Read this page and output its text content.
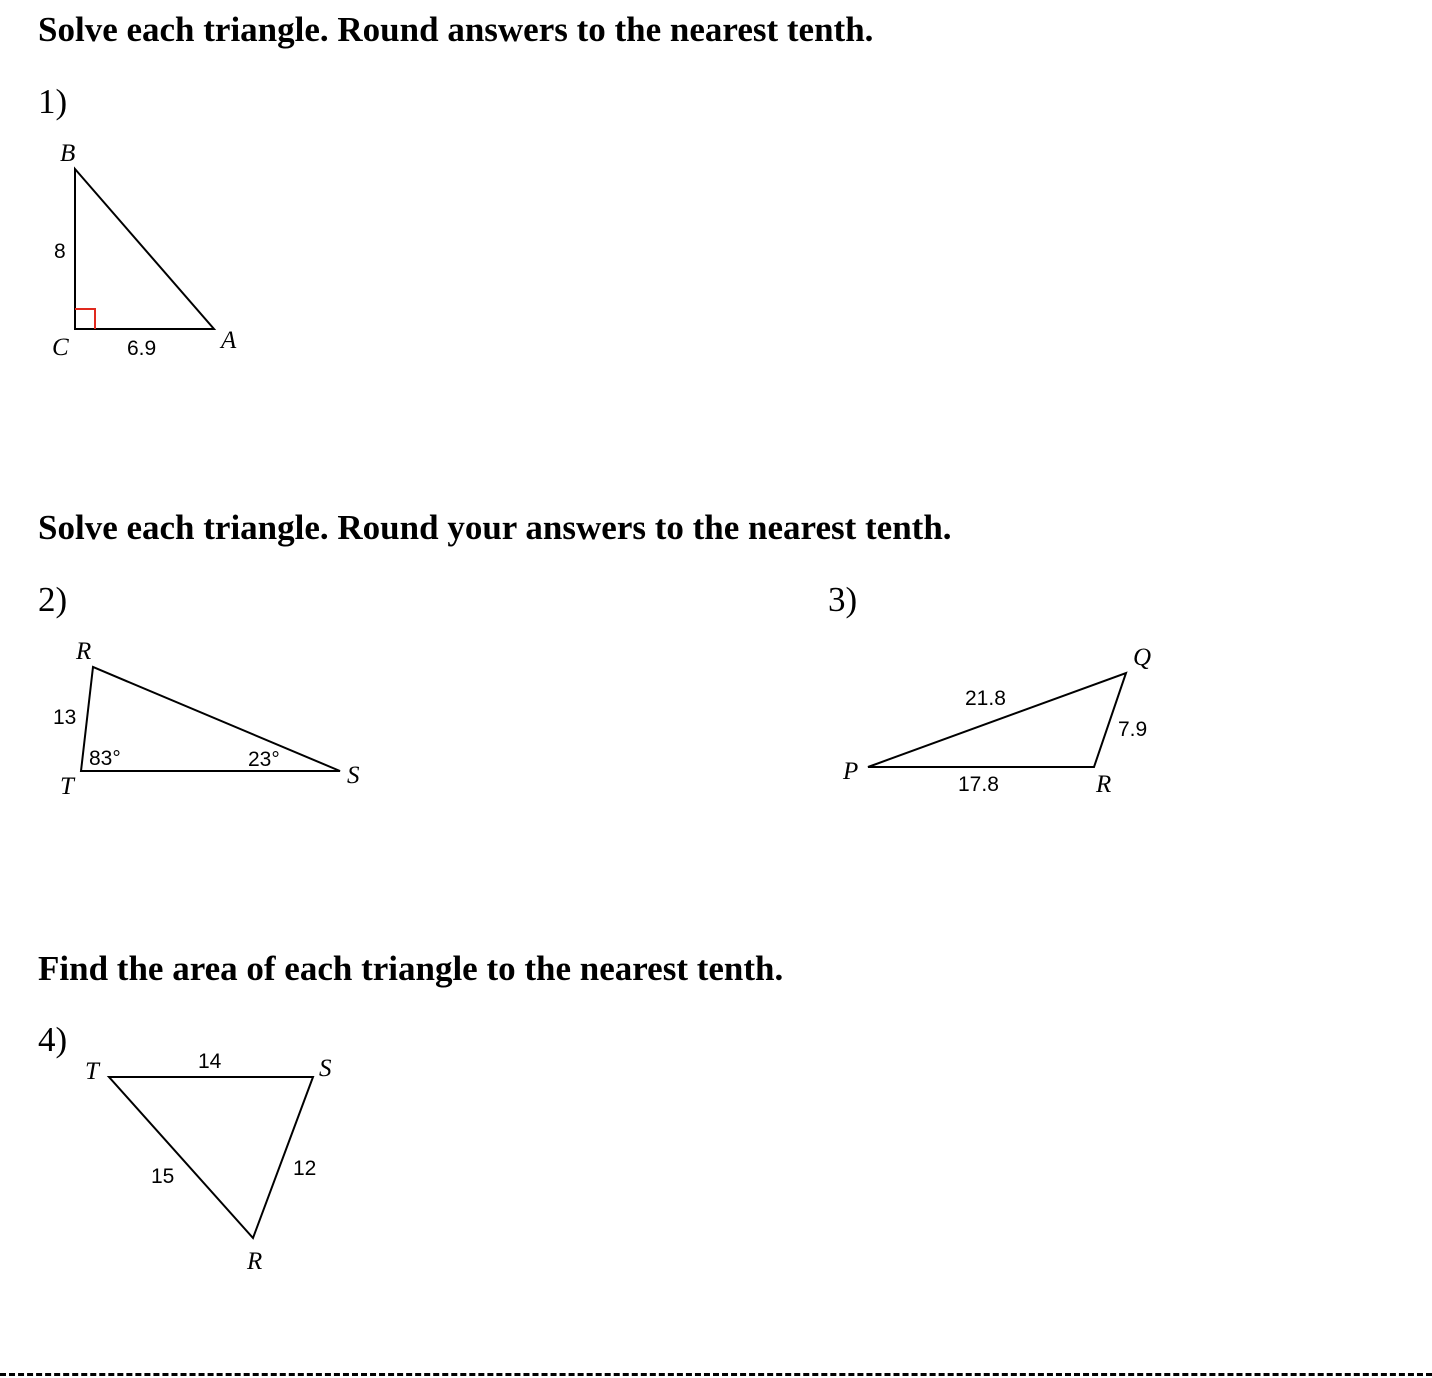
Solve each triangle. Round answers to the nearest tenth.
Solve each triangle. Round your answers to the nearest tenth.
Find the area of each triangle to the nearest tenth.
1)
2)	3)
4)
B
C	A
8
6.9
R
T	S
13
83°	23°
Q
P	R
21.8
7.9
17.8
T	S
R
14
15	12
